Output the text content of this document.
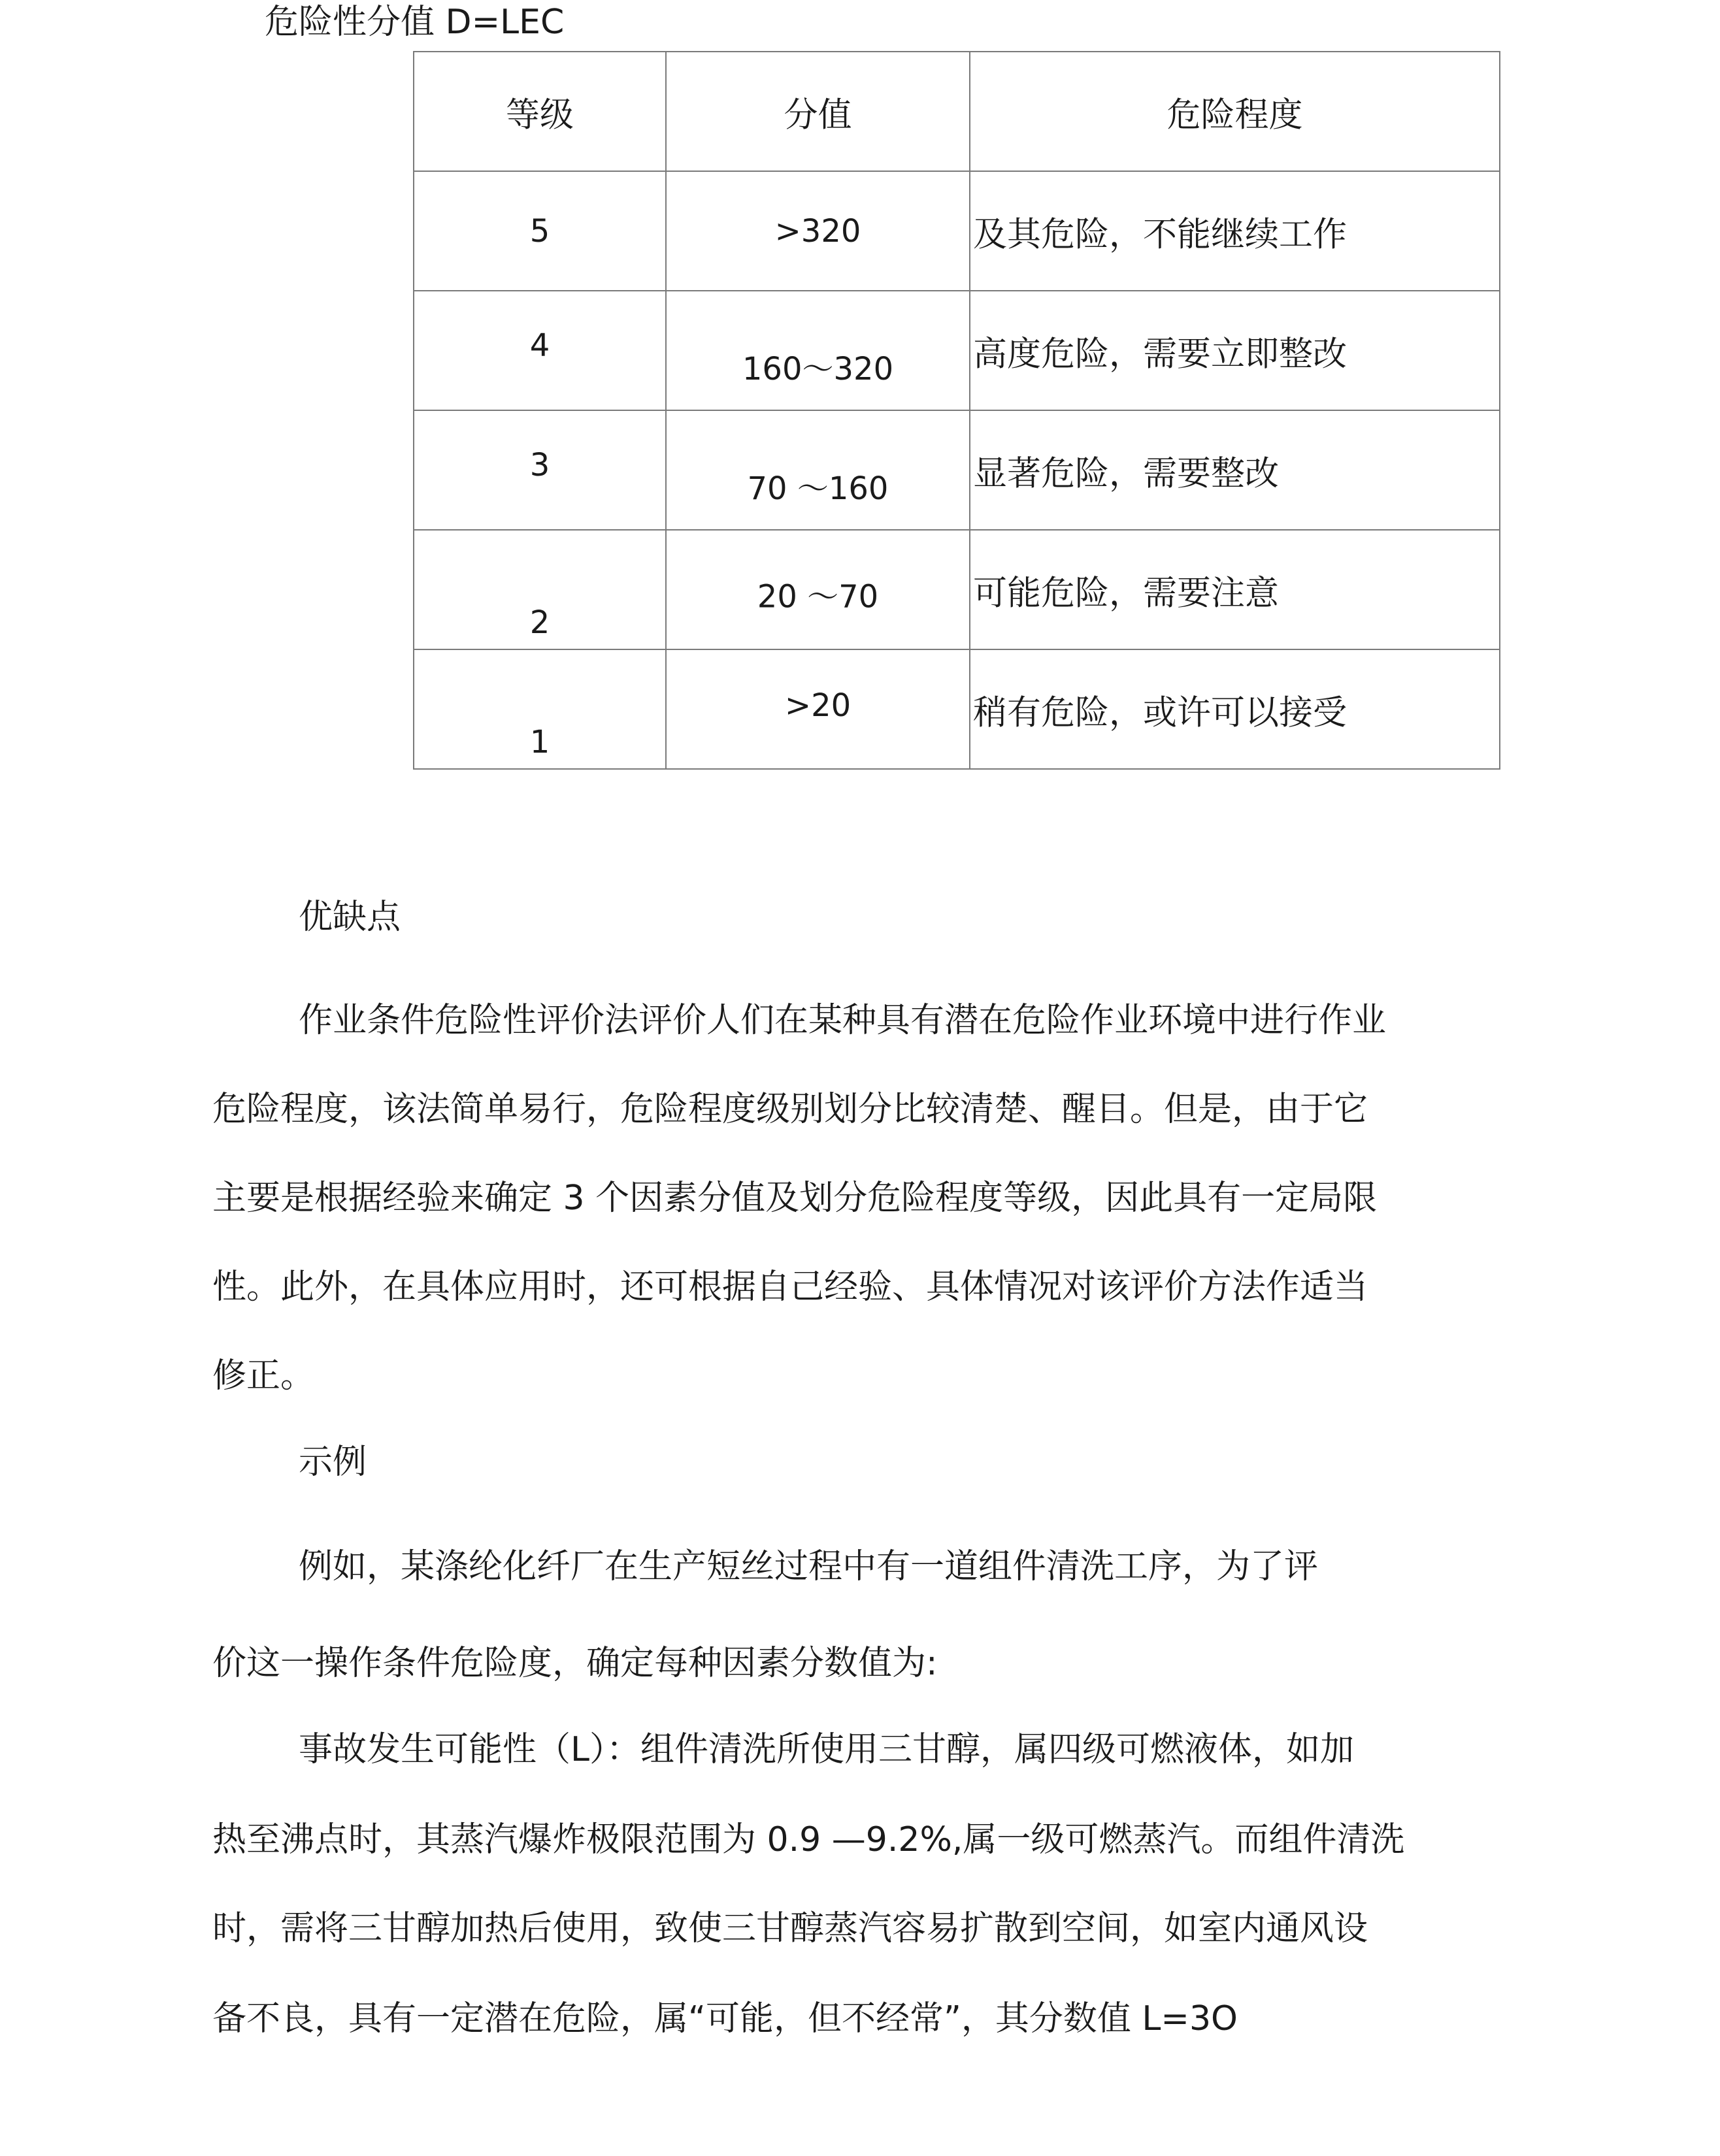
危险性分值 D=LEC
等级	分值	危险程度

5	>320	及其危险，不能继续工作

4	160〜320	高度危险，需要立即整改

3	70 〜160	显著危险，需要整改

2	20 〜70	可能危险，需要注意

1	>20	稍有危险，或许可以接受
优缺点
作业条件危险性评价法评价人们在某种具有潜在危险作业环境中进行作业
危险程度，该法简单易行，危险程度级别划分比较清楚、醒目。但是，由于它
主要是根据经验来确定 3 个因素分值及划分危险程度等级，因此具有一定局限
性。此外，在具体应用时，还可根据自己经验、具体情况对该评价方法作适当
修正。
示例
例如，某涤纶化纤厂在生产短丝过程中有一道组件清洗工序，为了评
价这一操作条件危险度，确定每种因素分数值为:
事故发生可能性（L）：组件清洗所使用三甘醇，属四级可燃液体，如加
热至沸点时，其蒸汽爆炸极限范围为 0.9 —9.2%,属一级可燃蒸汽。而组件清洗
时，需将三甘醇加热后使用，致使三甘醇蒸汽容易扩散到空间，如室内通风设
备不良，具有一定潜在危险，属“可能，但不经常”，其分数值 L=3O
